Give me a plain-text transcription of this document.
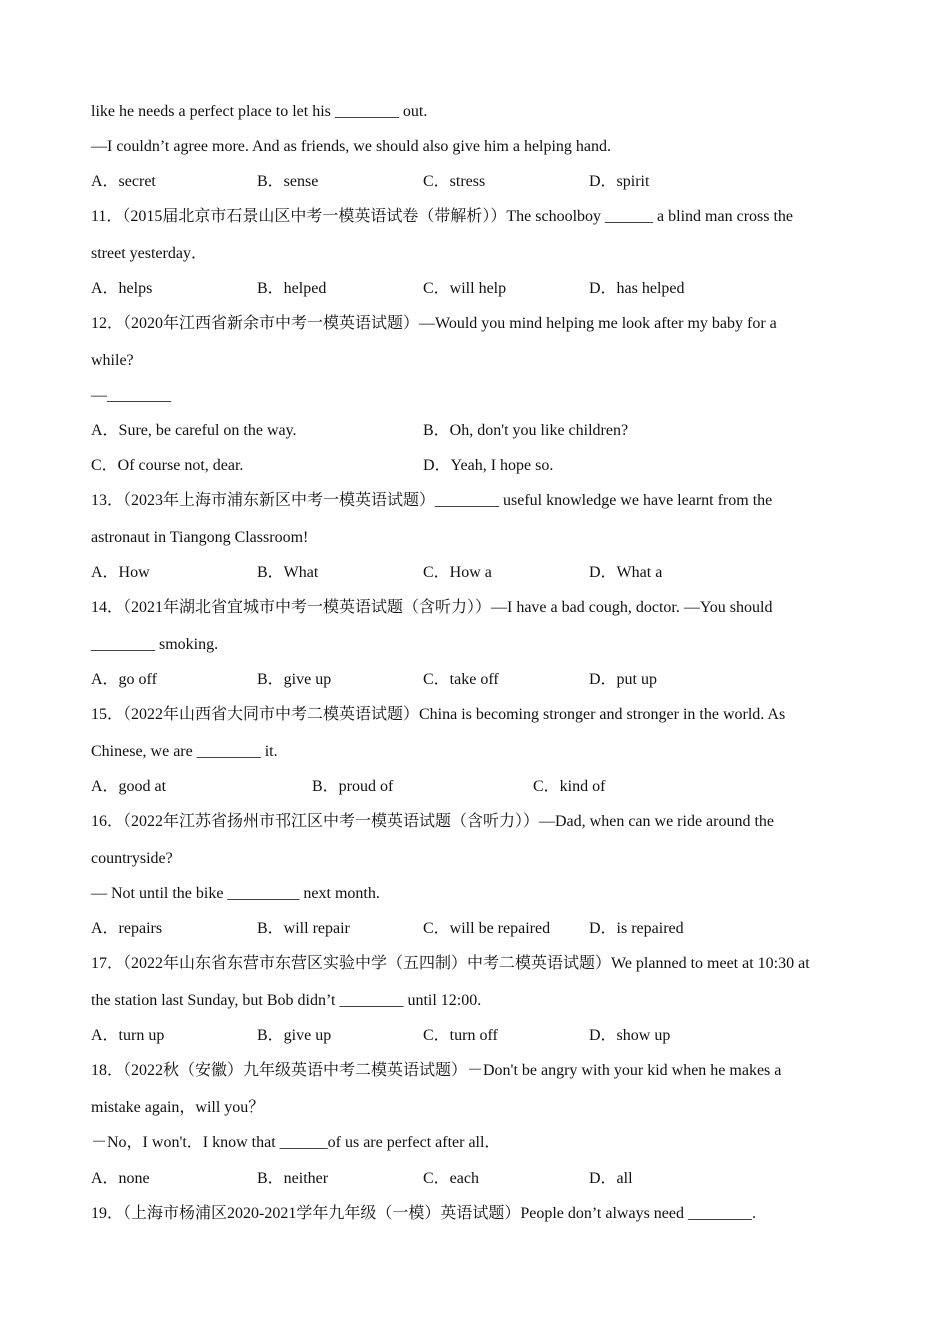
like he needs a perfect place to let his ________ out.
—I couldn’t agree more. And as friends, we should also give him a helping hand.
A．secret	B．sense	C．stress	D．spirit
11．（2015届北京市石景山区中考一模英语试卷（带解析））The schoolboy ______ a blind man cross the
street yesterday．
A．helps	B．helped	C．will help	D．has helped
12．（2020年江西省新余市中考一模英语试题）—Would you mind helping me look after my baby for a
while?
—________
A．Sure, be careful on the way.	B．Oh, don't you like children?
C．Of course not, dear.	D．Yeah, I hope so.
13．（2023年上海市浦东新区中考一模英语试题）________ useful knowledge we have learnt from the
astronaut in Tiangong Classroom!
A．How	B．What	C．How a	D．What a
14．（2021年湖北省宜城市中考一模英语试题（含听力））—I have a bad cough, doctor. —You should
________ smoking.
A．go off	B．give up	C．take off	D．put up
15．（2022年山西省大同市中考二模英语试题）China is becoming stronger and stronger in the world. As
Chinese, we are ________ it.
A．good at	B．proud of	C．kind of
16．（2022年江苏省扬州市邗江区中考一模英语试题（含听力））—Dad, when can we ride around the
countryside?
— Not until the bike _________ next month.
A．repairs	B．will repair	C．will be repaired D．is repaired
17．（2022年山东省东营市东营区实验中学（五四制）中考二模英语试题）We planned to meet at 10:30 at
the station last Sunday, but Bob didn’t ________ until 12:00.
A．turn up	B．give up	C．turn off	D．show up
18．（2022秋（安徽）九年级英语中考二模英语试题）－Don't be angry with your kid when he makes a
mistake again，will you？
－No，I won't．I know that ______of us are perfect after all．
A．none	B．neither	C．each	D．all
19．（上海市杨浦区2020-2021学年九年级（一模）英语试题）People don’t always need ________.
